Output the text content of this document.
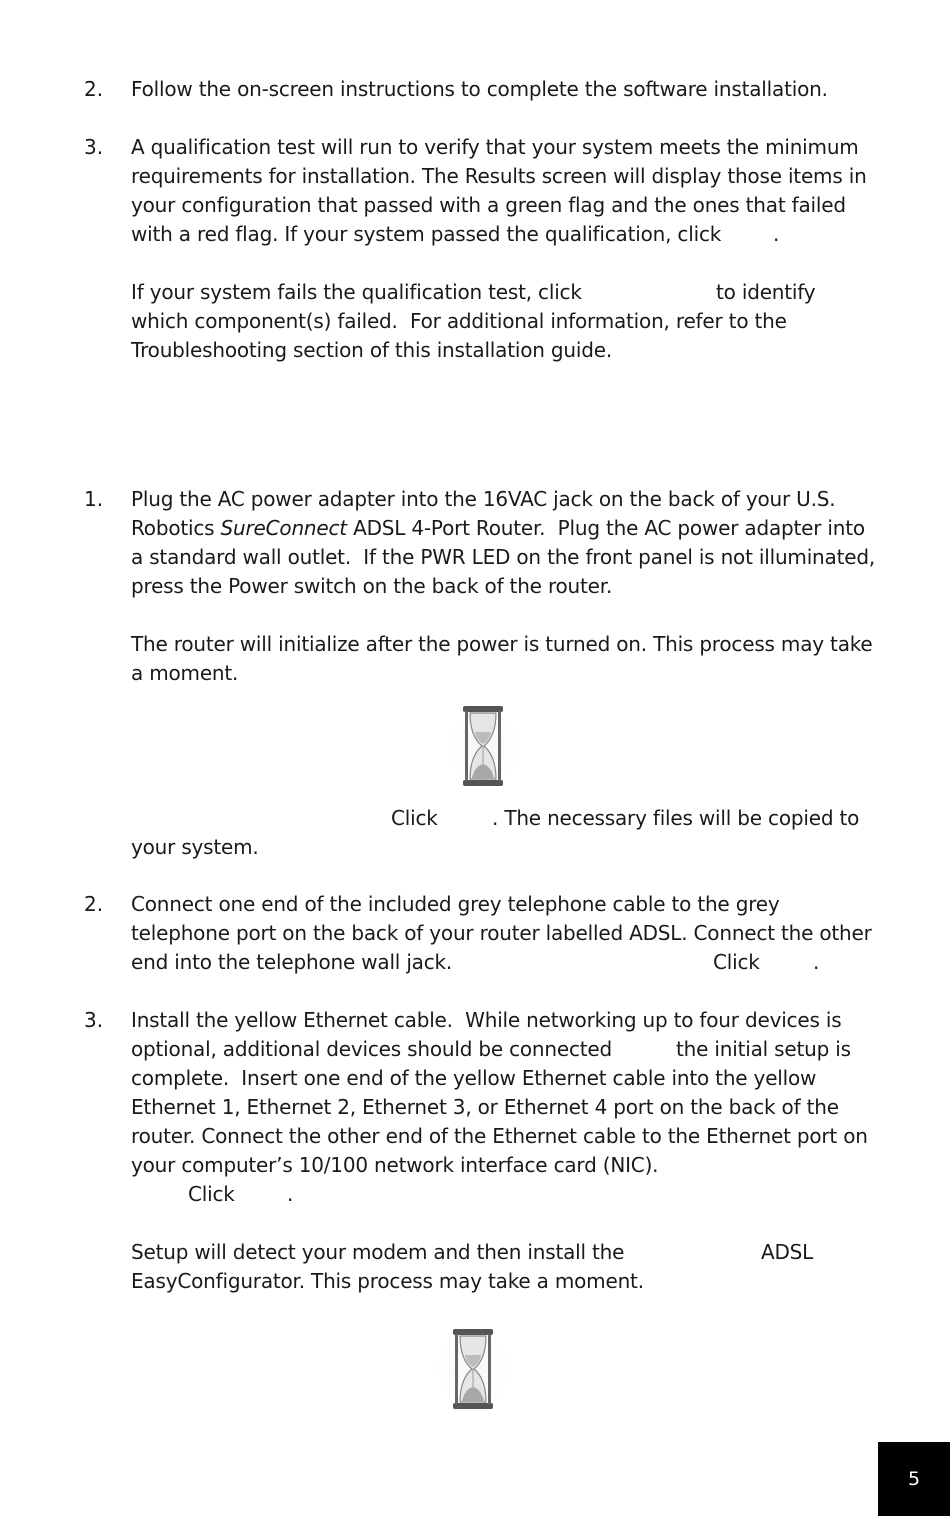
2. Follow the on-screen instructions to complete the software installation.
3. A qualification test will run to verify that your system meets the minimum
requirements for installation. The Results screen will display those items in
your configuration that passed with a green flag and the ones that failed
with a red flag. If your system passed the qualification, click	.
If your system fails the qualification test, click	to identify
which component(s) failed.  For additional information, refer to the
Troubleshooting section of this installation guide.
1. Plug the AC power adapter into the 16VAC jack on the back of your U.S.
Robotics SureConnect ADSL 4-Port Router.  Plug the AC power adapter into
a standard wall outlet.  If the PWR LED on the front panel is not illuminated,
press the Power switch on the back of the router.
The router will initialize after the power is turned on. This process may take
a moment.
Click	. The necessary files will be copied to
your system.
2. Connect one end of the included grey telephone cable to the grey
telephone port on the back of your router labelled ADSL. Connect the other
end into the telephone wall jack.	Click	.
3. Install the yellow Ethernet cable.  While networking up to four devices is
optional, additional devices should be connected	the initial setup is
complete.  Insert one end of the yellow Ethernet cable into the yellow
Ethernet 1, Ethernet 2, Ethernet 3, or Ethernet 4 port on the back of the
router. Connect the other end of the Ethernet cable to the Ethernet port on
your computer’s 10/100 network interface card (NIC).
Click	.
Setup will detect your modem and then install the	ADSL
EasyConfigurator. This process may take a moment.
5
